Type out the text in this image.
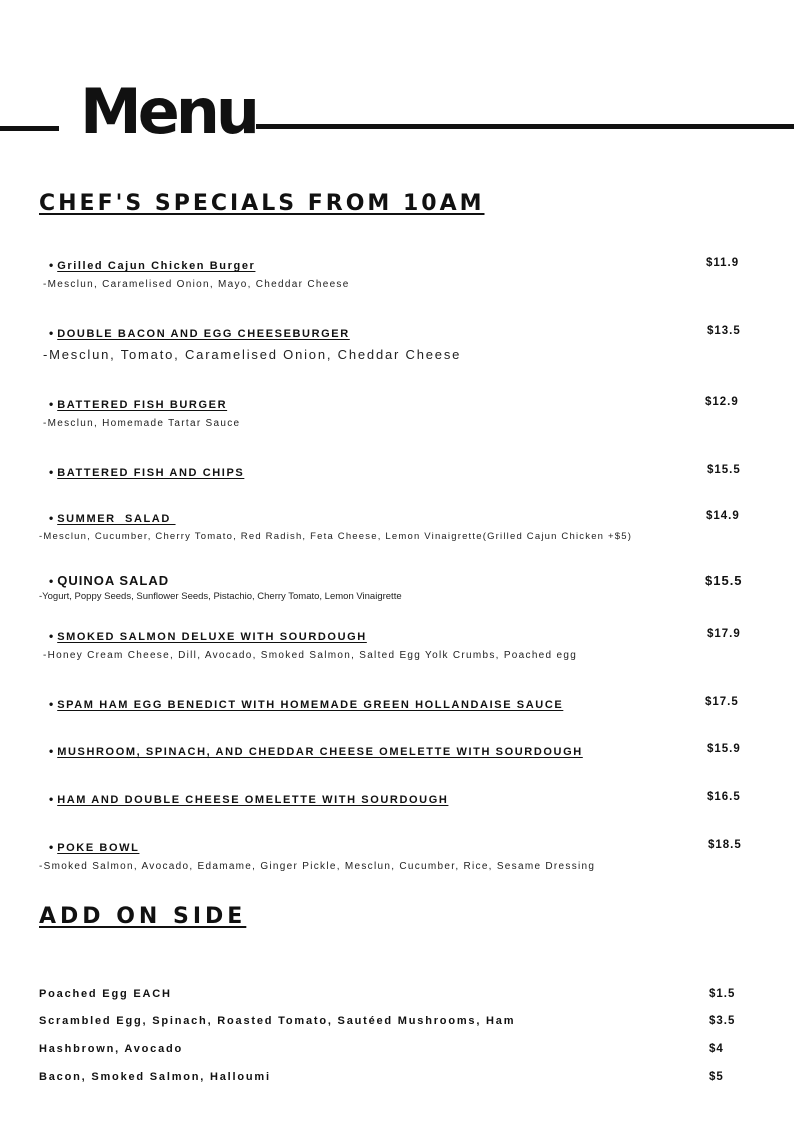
Menu
CHEF'S SPECIALS FROM 10AM
• Grilled Cajun Chicken Burger	$11.9
-Mesclun, Caramelised Onion, Mayo, Cheddar Cheese
• DOUBLE BACON AND EGG CHEESEBURGER	$13.5
-Mesclun, Tomato, Caramelised Onion, Cheddar Cheese
• BATTERED FISH BURGER	$12.9
-Mesclun, Homemade Tartar Sauce
• BATTERED FISH AND CHIPS	$15.5
• SUMMER  SALAD	$14.9
-Mesclun, Cucumber, Cherry Tomato, Red Radish, Feta Cheese, Lemon Vinaigrette(Grilled Cajun Chicken +$5)
• QUINOA SALAD	$15.5
-Yogurt, Poppy Seeds, Sunflower Seeds, Pistachio, Cherry Tomato, Lemon Vinaigrette
• SMOKED SALMON DELUXE WITH SOURDOUGH	$17.9
-Honey Cream Cheese, Dill, Avocado, Smoked Salmon, Salted Egg Yolk Crumbs, Poached egg
• SPAM HAM EGG BENEDICT WITH HOMEMADE GREEN HOLLANDAISE SAUCE	$17.5
• MUSHROOM, SPINACH, AND CHEDDAR CHEESE OMELETTE WITH SOURDOUGH	$15.9
• HAM AND DOUBLE CHEESE OMELETTE WITH SOURDOUGH	$16.5
• POKE BOWL	$18.5
-Smoked Salmon, Avocado, Edamame, Ginger Pickle, Mesclun, Cucumber, Rice, Sesame Dressing
ADD ON SIDE
Poached Egg EACH	$1.5
Scrambled Egg, Spinach, Roasted Tomato, Sautéed Mushrooms, Ham	$3.5
Hashbrown, Avocado	$4
Bacon, Smoked Salmon, Halloumi	$5
